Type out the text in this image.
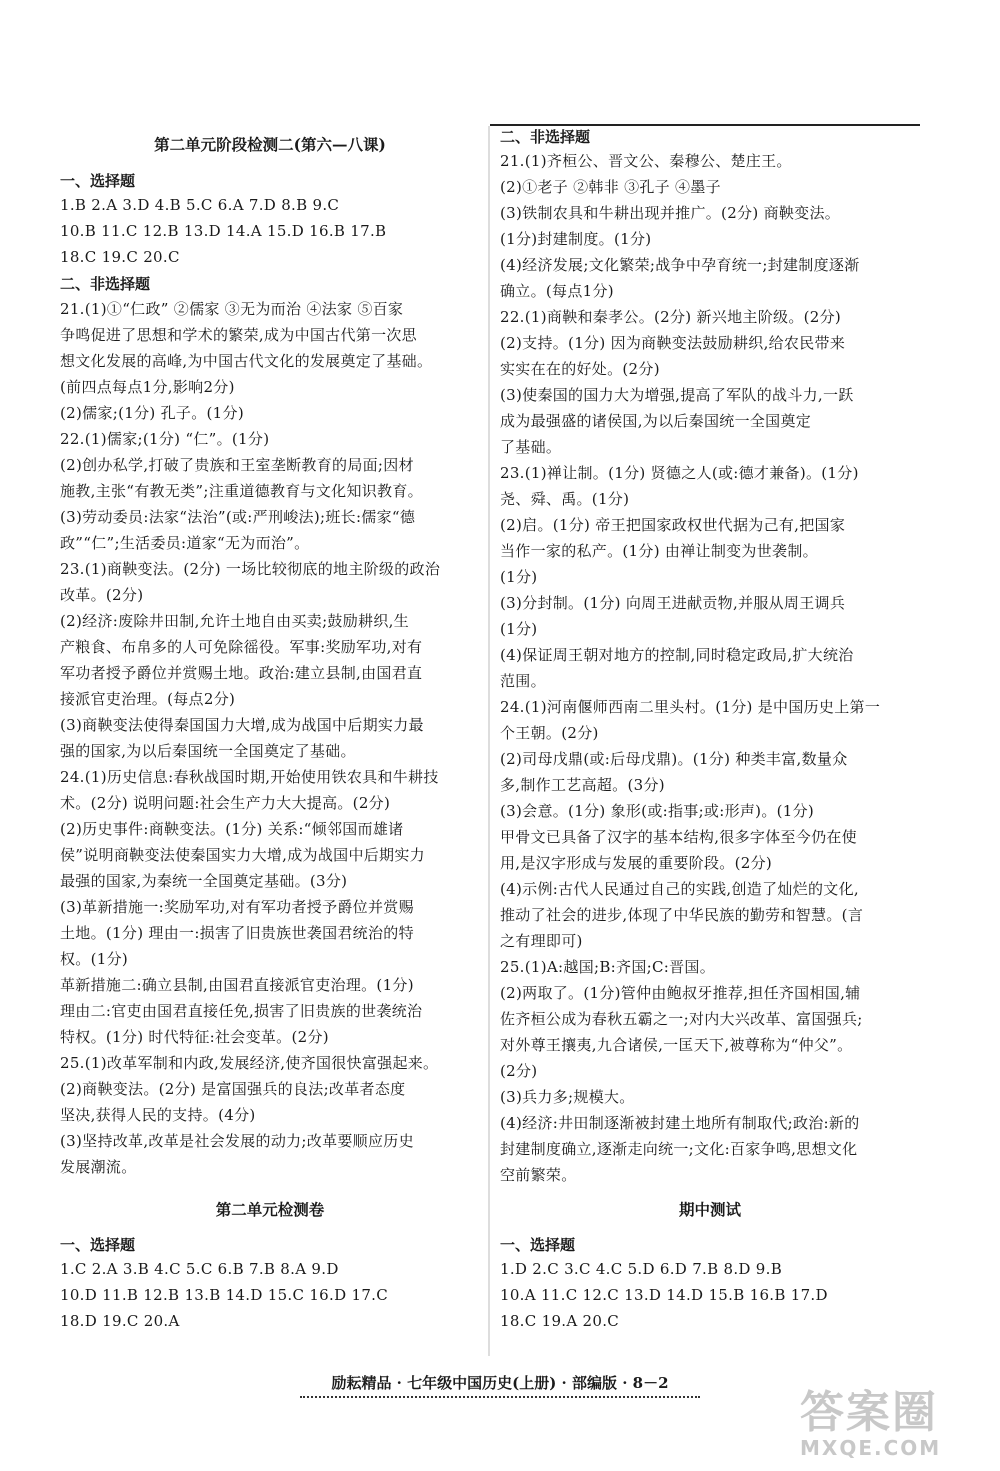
第二单元阶段检测二(第六—八课)
一、选择题
1.B 2.A 3.D 4.B 5.C 6.A 7.D 8.B 9.C
10.B 11.C 12.B 13.D 14.A 15.D 16.B 17.B
18.C 19.C 20.C
二、非选择题
21.(1)①“仁政” ②儒家 ③无为而治 ④法家 ⑤百家
争鸣促进了思想和学术的繁荣,成为中国古代第一次思
想文化发展的高峰,为中国古代文化的发展奠定了基础。
(前四点每点1分,影响2分)
(2)儒家;(1分) 孔子。(1分)
22.(1)儒家;(1分) “仁”。(1分)
(2)创办私学,打破了贵族和王室垄断教育的局面;因材
施教,主张“有教无类”;注重道德教育与文化知识教育。
(3)劳动委员:法家“法治”(或:严刑峻法);班长:儒家“德
政”“仁”;生活委员:道家“无为而治”。
23.(1)商鞅变法。(2分) 一场比较彻底的地主阶级的政治
改革。(2分)
(2)经济:废除井田制,允许土地自由买卖;鼓励耕织,生
产粮食、布帛多的人可免除徭役。军事:奖励军功,对有
军功者授予爵位并赏赐土地。政治:建立县制,由国君直
接派官吏治理。(每点2分)
(3)商鞅变法使得秦国国力大增,成为战国中后期实力最
强的国家,为以后秦国统一全国奠定了基础。
24.(1)历史信息:春秋战国时期,开始使用铁农具和牛耕技
术。(2分) 说明问题:社会生产力大大提高。(2分)
(2)历史事件:商鞅变法。(1分) 关系:“倾邻国而雄诸
侯”说明商鞅变法使秦国实力大增,成为战国中后期实力
最强的国家,为秦统一全国奠定基础。(3分)
(3)革新措施一:奖励军功,对有军功者授予爵位并赏赐
土地。(1分) 理由一:损害了旧贵族世袭国君统治的特
权。(1分)
革新措施二:确立县制,由国君直接派官吏治理。(1分)
理由二:官吏由国君直接任免,损害了旧贵族的世袭统治
特权。(1分) 时代特征:社会变革。(2分)
25.(1)改革军制和内政,发展经济,使齐国很快富强起来。
(2)商鞅变法。(2分) 是富国强兵的良法;改革者态度
坚决,获得人民的支持。(4分)
(3)坚持改革,改革是社会发展的动力;改革要顺应历史
发展潮流。
第二单元检测卷
一、选择题
1.C 2.A 3.B 4.C 5.C 6.B 7.B 8.A 9.D
10.D 11.B 12.B 13.B 14.D 15.C 16.D 17.C
18.D 19.C 20.A
二、非选择题
21.(1)齐桓公、晋文公、秦穆公、楚庄王。
(2)①老子 ②韩非 ③孔子 ④墨子
(3)铁制农具和牛耕出现并推广。(2分) 商鞅变法。
(1分)封建制度。(1分)
(4)经济发展;文化繁荣;战争中孕育统一;封建制度逐渐
确立。(每点1分)
22.(1)商鞅和秦孝公。(2分) 新兴地主阶级。(2分)
(2)支持。(1分) 因为商鞅变法鼓励耕织,给农民带来
实实在在的好处。(2分)
(3)使秦国的国力大为增强,提高了军队的战斗力,一跃
成为最强盛的诸侯国,为以后秦国统一全国奠定
了基础。
23.(1)禅让制。(1分) 贤德之人(或:德才兼备)。(1分)
尧、舜、禹。(1分)
(2)启。(1分) 帝王把国家政权世代据为己有,把国家
当作一家的私产。(1分) 由禅让制变为世袭制。
(1分)
(3)分封制。(1分) 向周王进献贡物,并服从周王调兵
(1分)
(4)保证周王朝对地方的控制,同时稳定政局,扩大统治
范围。
24.(1)河南偃师西南二里头村。(1分) 是中国历史上第一
个王朝。(2分)
(2)司母戊鼎(或:后母戊鼎)。(1分) 种类丰富,数量众
多,制作工艺高超。(3分)
(3)会意。(1分) 象形(或:指事;或:形声)。(1分)
甲骨文已具备了汉字的基本结构,很多字体至今仍在使
用,是汉字形成与发展的重要阶段。(2分)
(4)示例:古代人民通过自己的实践,创造了灿烂的文化,
推动了社会的进步,体现了中华民族的勤劳和智慧。(言
之有理即可)
25.(1)A:越国;B:齐国;C:晋国。
(2)两取了。(1分)管仲由鲍叔牙推荐,担任齐国相国,辅
佐齐桓公成为春秋五霸之一;对内大兴改革、富国强兵;
对外尊王攘夷,九合诸侯,一匡天下,被尊称为“仲父”。
(2分)
(3)兵力多;规模大。
(4)经济:井田制逐渐被封建土地所有制取代;政治:新的
封建制度确立,逐渐走向统一;文化:百家争鸣,思想文化
空前繁荣。
期中测试
一、选择题
1.D 2.C 3.C 4.C 5.D 6.D 7.B 8.D 9.B
10.A 11.C 12.C 13.D 14.D 15.B 16.B 17.D
18.C 19.A 20.C
励耘精品 · 七年级中国历史(上册) · 部编版 · 8－2
答案圈
MXQE.COM
